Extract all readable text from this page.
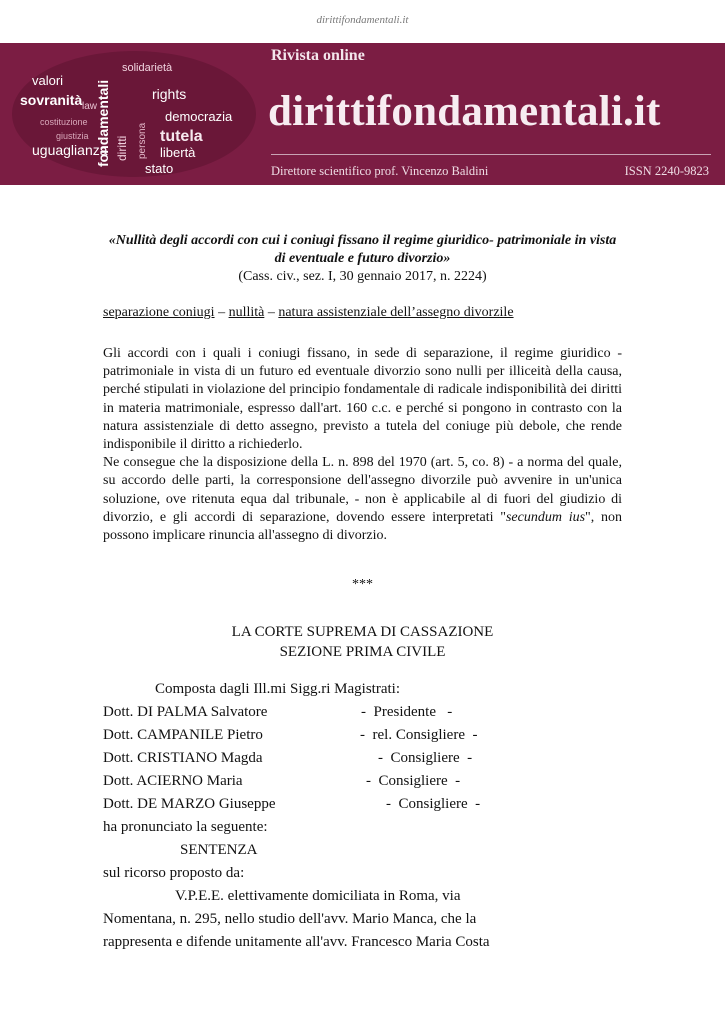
dirittifondamentali.it
solidarietà
valori
sovranità	rights
democrazia
tutela
libertà
uguaglianza
stato
costituzione
giustizia
law
fondamentali diritti persona
Rivista online
dirittifondamentali.it
Direttore scientifico prof. Vincenzo Baldini	ISSN 2240-9823
«Nullità degli accordi con cui i coniugi fissano il regime giuridico- patrimoniale in vista di eventuale e futuro divorzio»
(Cass. civ., sez. I, 30 gennaio 2017, n. 2224)
separazione coniugi – nullità – natura assistenziale dell’assegno divorzile

Gli accordi con i quali i coniugi fissano, in sede di separazione, il regime giuridico - patrimoniale in vista di un futuro ed eventuale divorzio sono nulli per illiceità della causa, perché stipulati in violazione del principio fondamentale di radicale indisponibilità dei diritti in materia matrimoniale, espresso dall'art. 160 c.c. e perché si pongono in contrasto con la natura assistenziale di detto assegno, previsto a tutela del coniuge più debole, che rende indisponibile il diritto a richiederlo.

Ne consegue che la disposizione della L. n. 898 del 1970 (art. 5, co. 8) - a norma del quale, su accordo delle parti, la corresponsione dell'assegno divorzile può avvenire in un'unica soluzione, ove ritenuta equa dal tribunale, - non è applicabile al di fuori del giudizio di divorzio, e gli accordi di separazione, dovendo essere interpretati "secundum ius", non possono implicare rinuncia all'assegno di divorzio.

***
LA CORTE SUPREMA DI CASSAZIONE
SEZIONE PRIMA CIVILE
Composta dagli Ill.mi Sigg.ri Magistrati:
Dott. DI PALMA Salvatore	-  Presidente   -
Dott. CAMPANILE Pietro	-  rel. Consigliere  -
Dott. CRISTIANO Magda	-  Consigliere  -
Dott. ACIERNO Maria	-  Consigliere  -
Dott. DE MARZO Giuseppe	-  Consigliere  -
ha pronunciato la seguente:
SENTENZA
sul ricorso proposto da:
V.P.E.E. elettivamente domiciliata in Roma, via
Nomentana, n. 295, nello studio dell'avv. Mario Manca, che la
rappresenta e difende unitamente all'avv. Francesco Maria Costa
